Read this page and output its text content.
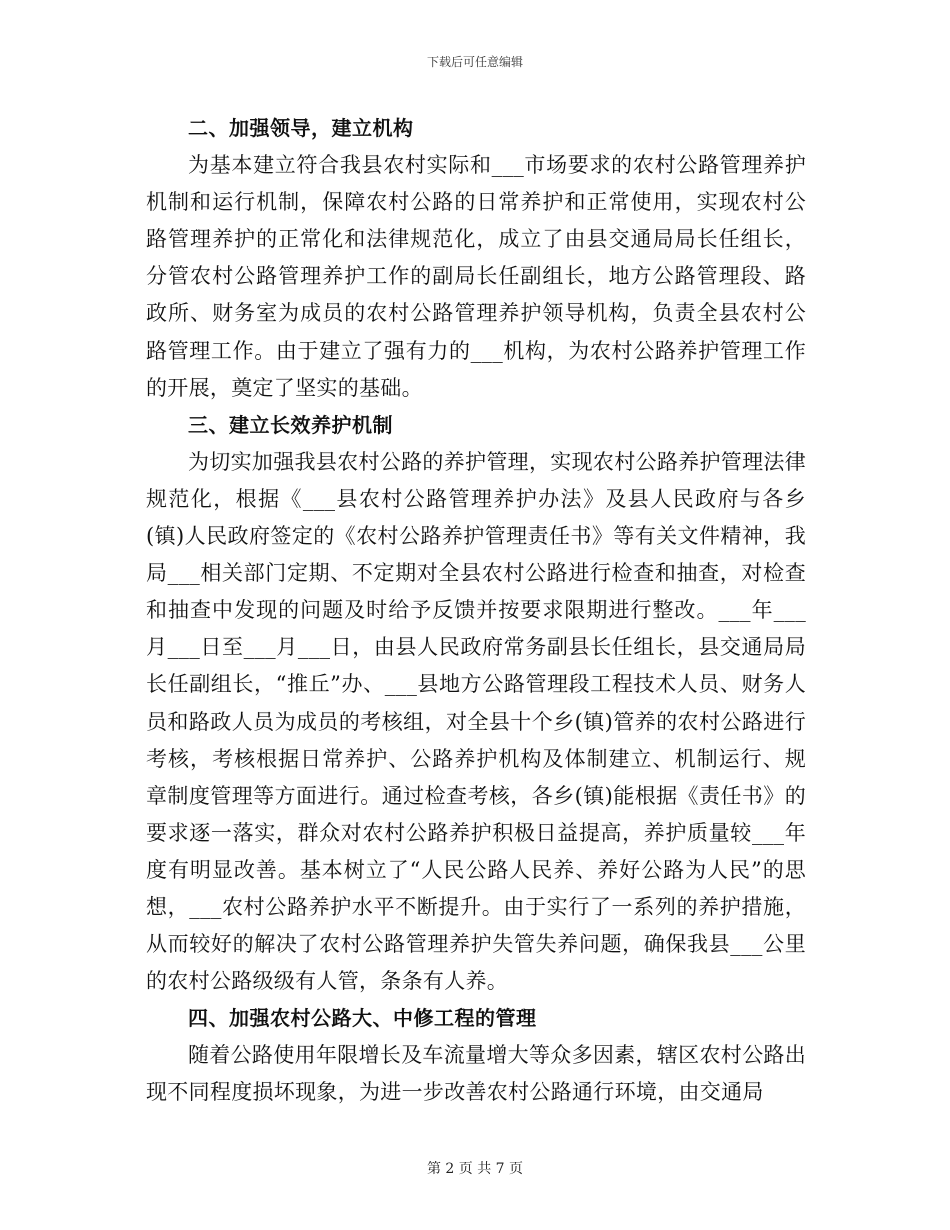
下载后可任意编辑
二、加强领导，建立机构

为基本建立符合我县农村实际和___市场要求的农村公路管理养护机制和运行机制，保障农村公路的日常养护和正常使用，实现农村公路管理养护的正常化和法律规范化，成立了由县交通局局长任组长，分管农村公路管理养护工作的副局长任副组长，地方公路管理段、路政所、财务室为成员的农村公路管理养护领导机构，负责全县农村公路管理工作。由于建立了强有力的___机构，为农村公路养护管理工作的开展，奠定了坚实的基础。

三、建立长效养护机制

为切实加强我县农村公路的养护管理，实现农村公路养护管理法律规范化，根据《___县农村公路管理养护办法》及县人民政府与各乡(镇)人民政府签定的《农村公路养护管理责任书》等有关文件精神，我局___相关部门定期、不定期对全县农村公路进行检查和抽查，对检查和抽查中发现的问题及时给予反馈并按要求限期进行整改。___年___月___日至___月___日，由县人民政府常务副县长任组长，县交通局局长任副组长，“推丘”办、___县地方公路管理段工程技术人员、财务人员和路政人员为成员的考核组，对全县十个乡(镇)管养的农村公路进行考核，考核根据日常养护、公路养护机构及体制建立、机制运行、规章制度管理等方面进行。通过检查考核，各乡(镇)能根据《责任书》的要求逐一落实，群众对农村公路养护积极日益提高，养护质量较___年度有明显改善。基本树立了“人民公路人民养、养好公路为人民”的思想，___农村公路养护水平不断提升。由于实行了一系列的养护措施，从而较好的解决了农村公路管理养护失管失养问题，确保我县___公里的农村公路级级有人管，条条有人养。

四、加强农村公路大、中修工程的管理

随着公路使用年限增长及车流量增大等众多因素，辖区农村公路出现不同程度损坏现象，为进一步改善农村公路通行环境，由交通局

第 2 页 共 7 页
